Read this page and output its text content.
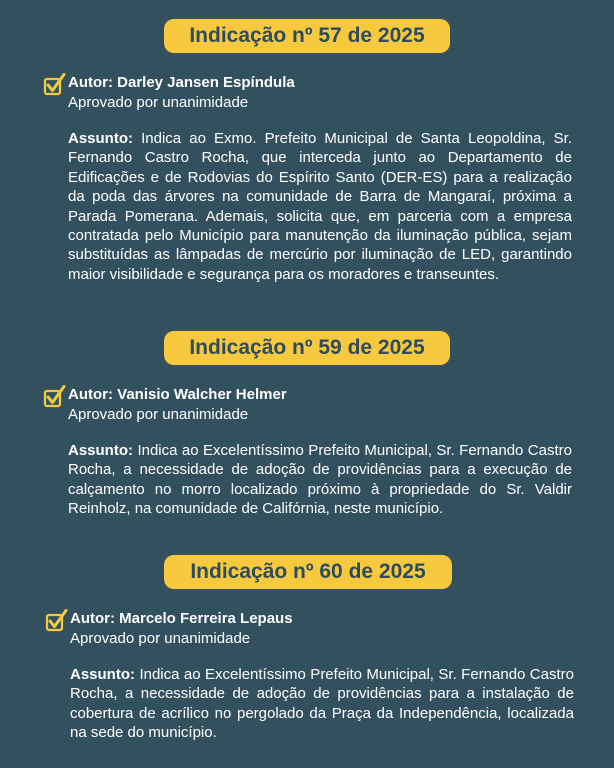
Indicação nº 57 de 2025
Autor: Darley Jansen Espíndula
Aprovado por unanimidade
Assunto: Indica ao Exmo. Prefeito Municipal de Santa Leopoldina, Sr. Fernando Castro Rocha, que interceda junto ao Departamento de Edificações e de Rodovias do Espírito Santo (DER-ES) para a realização da poda das árvores na comunidade de Barra de Mangaraí, próxima a Parada Pomerana. Ademais, solicita que, em parceria com a empresa contratada pelo Município para manutenção da iluminação pública, sejam substituídas as lâmpadas de mercúrio por iluminação de LED, garantindo maior visibilidade e segurança para os moradores e transeuntes.
Indicação nº 59 de 2025
Autor: Vanisio Walcher Helmer
Aprovado por unanimidade
Assunto: Indica ao Excelentíssimo Prefeito Municipal, Sr. Fernando Castro Rocha, a necessidade de adoção de providências para a execução de calçamento no morro localizado próximo à propriedade do Sr. Valdir Reinholz, na comunidade de Califórnia, neste município.
Indicação nº 60 de 2025
Autor: Marcelo Ferreira Lepaus
Aprovado por unanimidade
Assunto: Indica ao Excelentíssimo Prefeito Municipal, Sr. Fernando Castro Rocha, a necessidade de adoção de providências para a instalação de cobertura de acrílico no pergolado da Praça da Independência, localizada na sede do município.
